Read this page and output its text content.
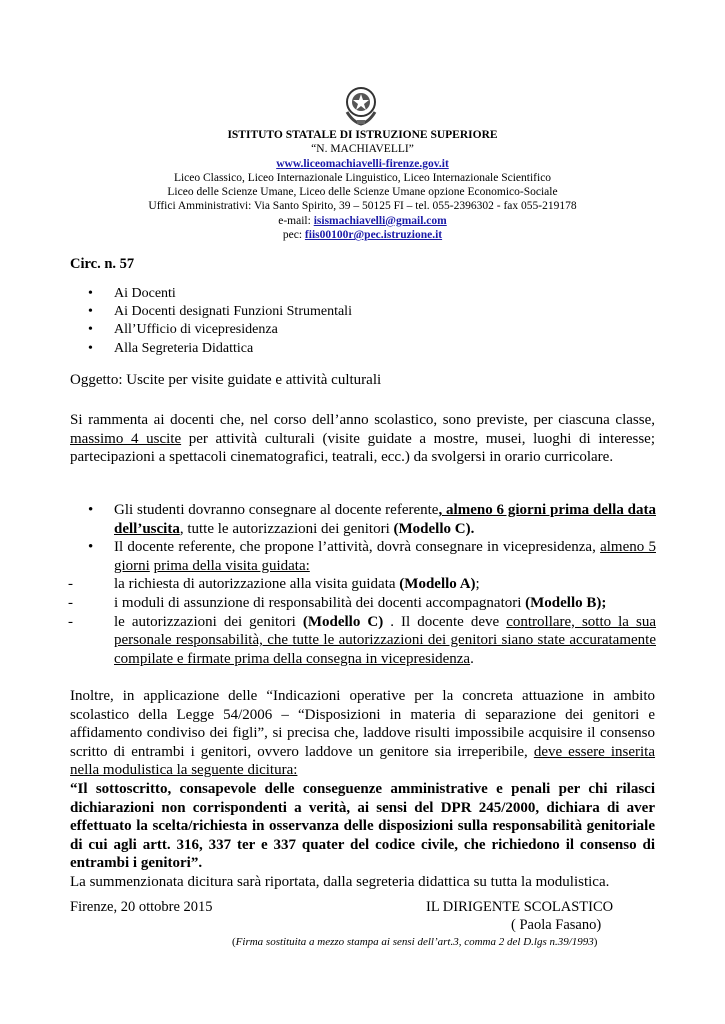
ISTITUTO STATALE DI ISTRUZIONE SUPERIORE
“N. MACHIAVELLI”
www.liceomachiavelli-firenze.gov.it
Liceo Classico, Liceo Internazionale Linguistico, Liceo Internazionale Scientifico
Liceo delle Scienze Umane, Liceo delle Scienze Umane opzione Economico-Sociale
Uffici Amministrativi: Via Santo Spirito, 39 – 50125 FI – tel. 055-2396302 - fax 055-219178
e-mail: isismachiavelli@gmail.com
pec: fiis00100r@pec.istruzione.it
Circ. n. 57
• Ai Docenti
• Ai Docenti designati Funzioni Strumentali
• All’Ufficio di vicepresidenza
• Alla Segreteria Didattica
Oggetto: Uscite per visite guidate e attività culturali
Si rammenta ai docenti che, nel corso dell’anno scolastico, sono previste, per ciascuna classe, massimo 4 uscite per attività culturali (visite guidate a mostre, musei, luoghi di interesse; partecipazioni a spettacoli cinematografici, teatrali, ecc.) da svolgersi in orario curricolare.
• Gli studenti dovranno consegnare al docente referente, almeno 6 giorni prima della data dell’uscita, tutte le autorizzazioni dei genitori (Modello C).
• Il docente referente, che propone l’attività, dovrà consegnare in vicepresidenza, almeno 5 giorni prima della visita guidata:
-	la richiesta di autorizzazione alla visita guidata (Modello A);
-	i moduli di assunzione di responsabilità dei docenti accompagnatori (Modello B);
-	le autorizzazioni dei genitori (Modello C) . Il docente deve controllare, sotto la sua personale responsabilità, che tutte le autorizzazioni dei genitori siano state accuratamente compilate e firmate prima della consegna in vicepresidenza.
Inoltre, in applicazione delle “Indicazioni operative per la concreta attuazione in ambito scolastico della Legge 54/2006 – “Disposizioni in materia di separazione dei genitori e affidamento condiviso dei figli”, si precisa che, laddove risulti impossibile acquisire il consenso scritto di entrambi i genitori, ovvero laddove un genitore sia irreperibile, deve essere inserita nella modulistica la seguente dicitura:
“Il sottoscritto, consapevole delle conseguenze amministrative e penali per chi rilasci dichiarazioni non corrispondenti a verità, ai sensi del DPR 245/2000, dichiara di aver effettuato la scelta/richiesta in osservanza delle disposizioni sulla responsabilità genitoriale di cui agli artt. 316, 337 ter e 337 quater del codice civile, che richiedono il consenso di entrambi i genitori”.
La summenzionata dicitura sarà riportata, dalla segreteria didattica su tutta la modulistica.
Firenze, 20 ottobre 2015	IL DIRIGENTE SCOLASTICO
( Paola Fasano)
(Firma sostituita a mezzo stampa ai sensi dell’art.3, comma 2 del D.lgs n.39/1993)
